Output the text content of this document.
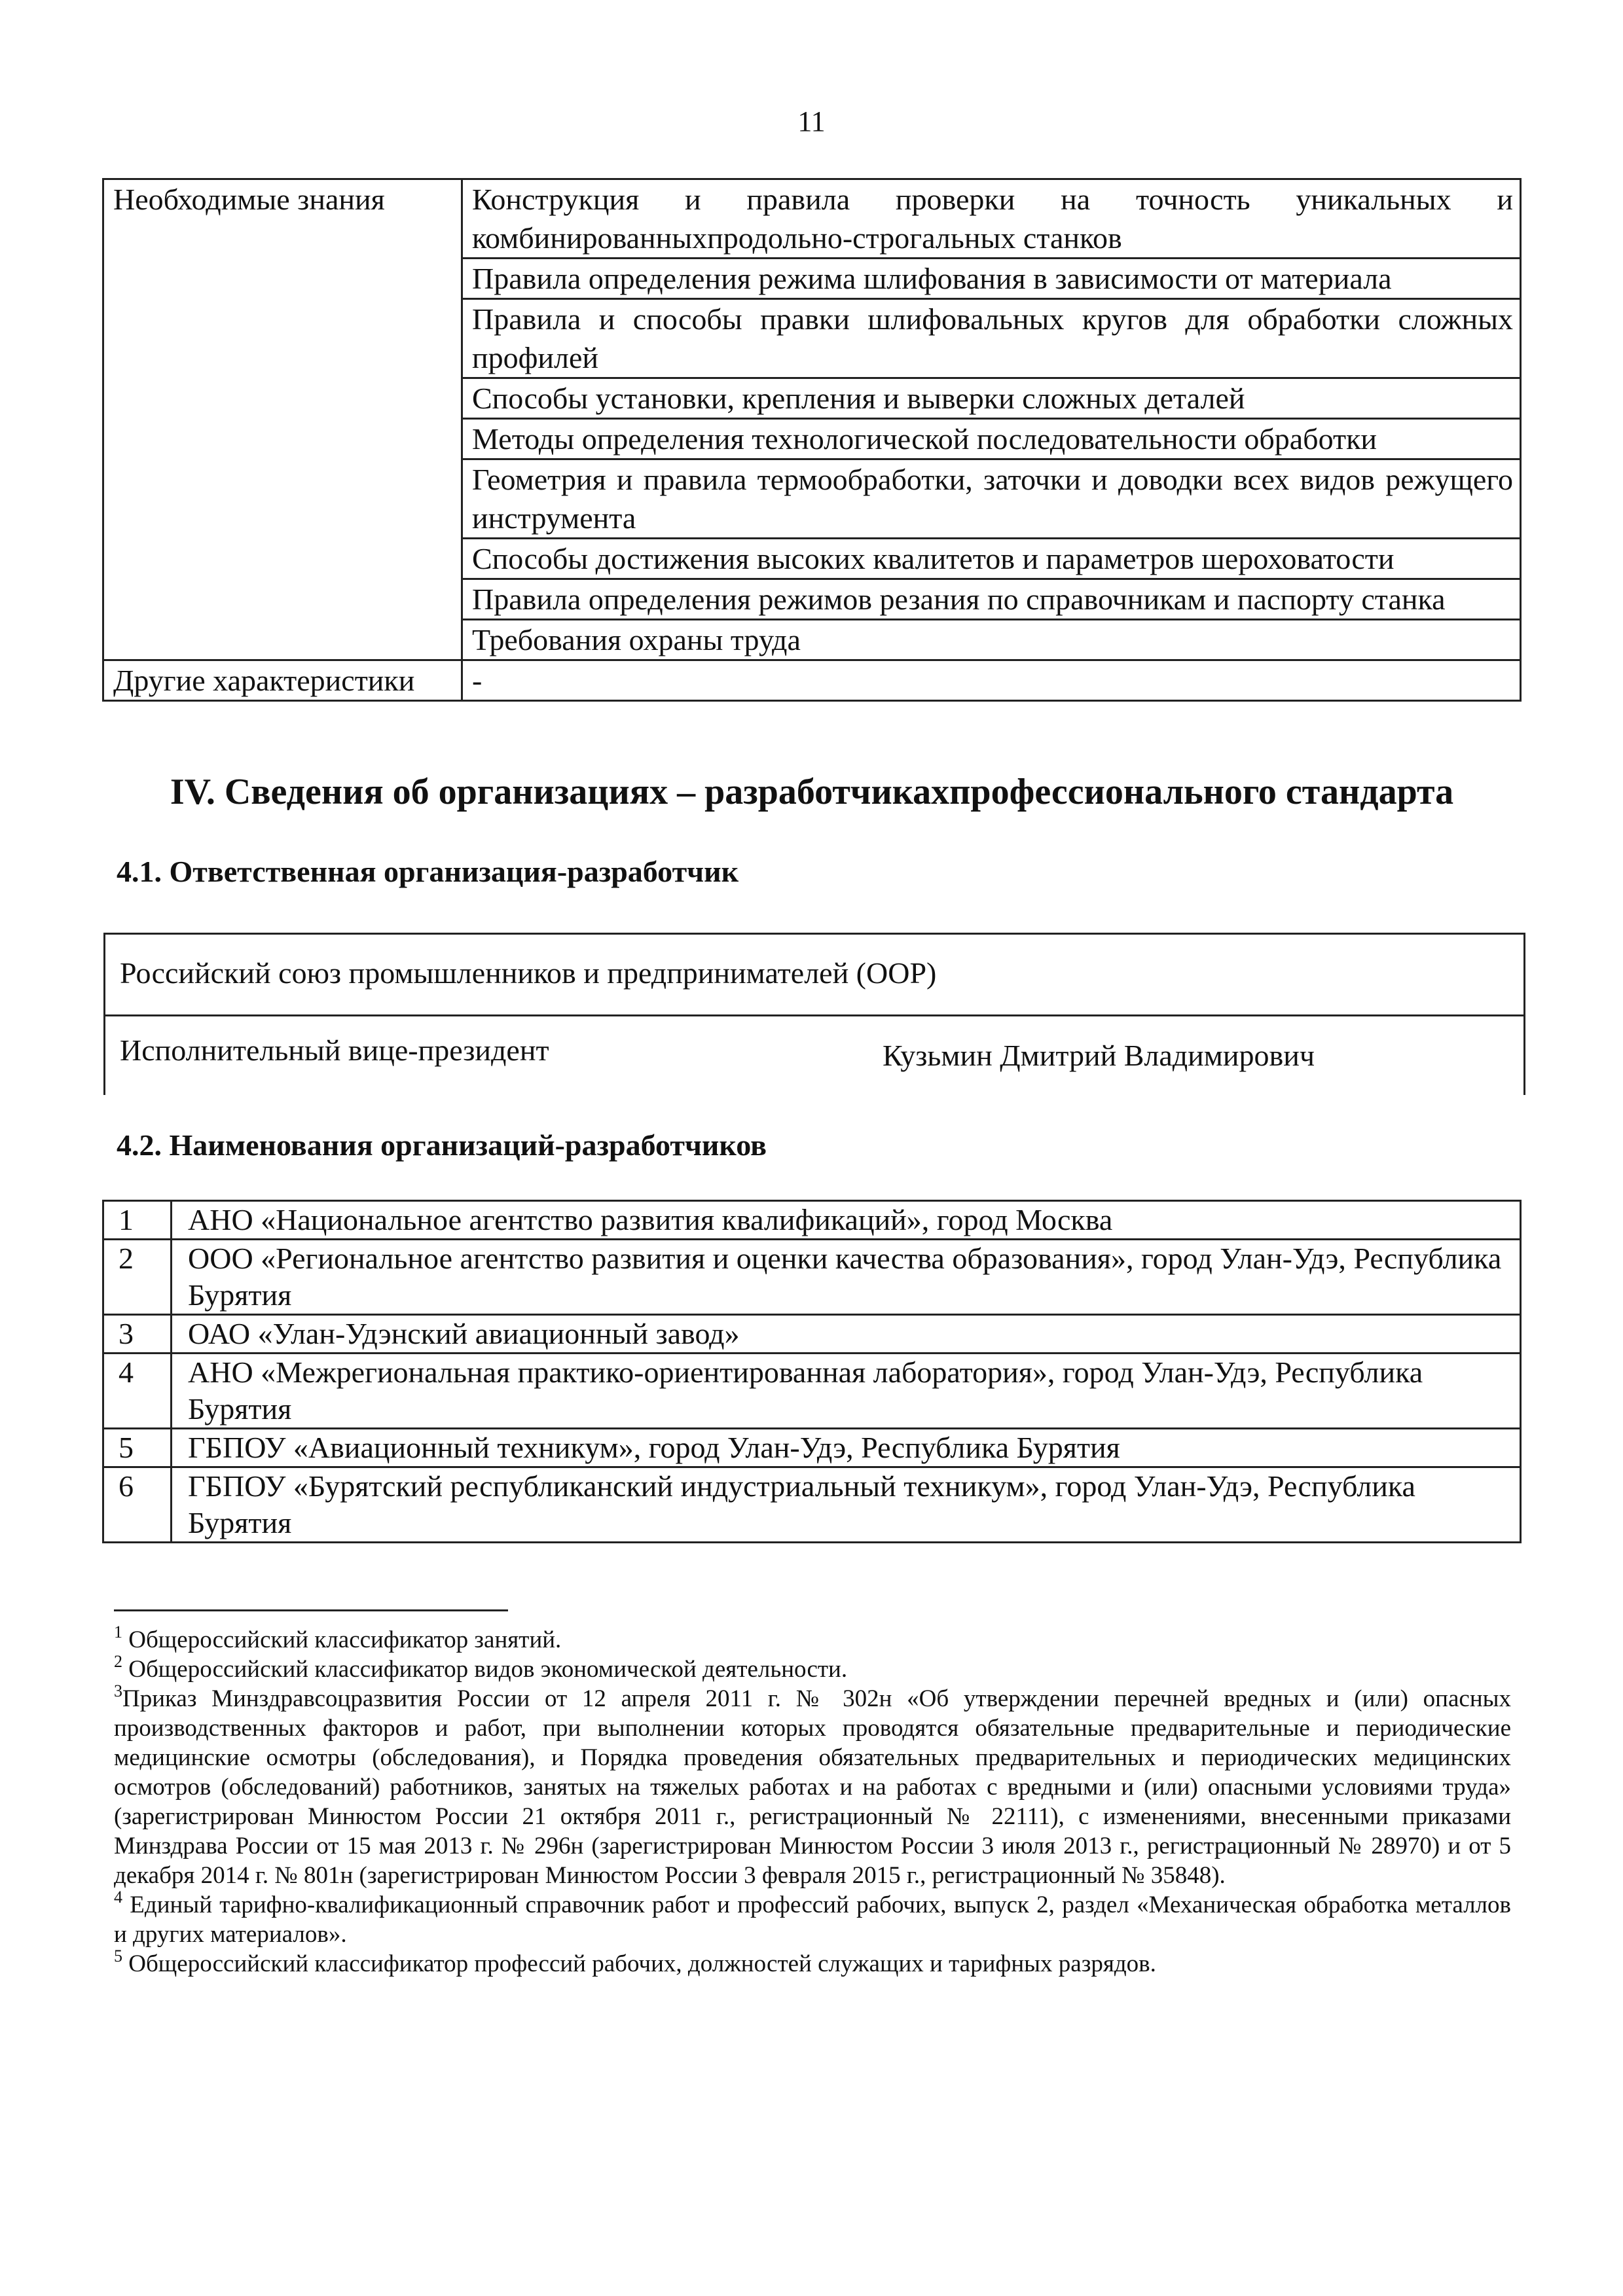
11
Необходимые знания	Конструкция и правила проверки на точность уникальных и комбинированныхпродольно-строгальных станков
	Правила определения режима шлифования в зависимости от материала
	Правила и способы правки шлифовальных кругов для обработки сложных профилей
	Способы установки, крепления и выверки сложных деталей
	Методы определения технологической последовательности обработки
	Геометрия и правила термообработки, заточки и доводки всех видов режущего инструмента
	Способы достижения высоких квалитетов и параметров шероховатости
	Правила определения режимов резания по справочникам и паспорту станка
	Требования охраны труда
Другие характеристики	-
IV. Сведения об организациях – разработчикахпрофессионального стандарта
4.1. Ответственная организация-разработчик
Российский союз промышленников и предпринимателей (ООР)
Исполнительный вице-президент	Кузьмин Дмитрий Владимирович
4.2. Наименования организаций-разработчиков
1	АНО «Национальное агентство развития квалификаций», город Москва
2	ООО «Региональное агентство развития и оценки качества образования», город Улан-Удэ, Республика Бурятия
3	ОАО «Улан-Удэнский авиационный завод»
4	АНО «Межрегиональная практико-ориентированная лаборатория», город Улан-Удэ, Республика Бурятия
5	ГБПОУ «Авиационный техникум», город Улан-Удэ, Республика Бурятия
6	ГБПОУ «Бурятский республиканский индустриальный техникум», город Улан-Удэ, Республика Бурятия
$^1$ Общероссийский классификатор занятий.
$^2$ Общероссийский классификатор видов экономической деятельности.
$^3$Приказ Минздравсоцразвития России от 12 апреля 2011 г. № 302н «Об утверждении перечней вредных и (или) опасных производственных факторов и работ, при выполнении которых проводятся обязательные предварительные и периодические медицинские осмотры (обследования), и Порядка проведения обязательных предварительных и периодических медицинских осмотров (обследований) работников, занятых на тяжелых работах и на работах с вредными и (или) опасными условиями труда» (зарегистрирован Минюстом России 21 октября 2011 г., регистрационный № 22111), с изменениями, внесенными приказами Минздрава России от 15 мая 2013 г. № 296н (зарегистрирован Минюстом России 3 июля 2013 г., регистрационный № 28970) и от 5 декабря 2014 г. № 801н (зарегистрирован Минюстом России 3 февраля 2015 г., регистрационный № 35848).
$^4$ Единый тарифно-квалификационный справочник работ и профессий рабочих, выпуск 2, раздел «Механическая обработка металлов и других материалов».
$^5$ Общероссийский классификатор профессий рабочих, должностей служащих и тарифных разрядов.
